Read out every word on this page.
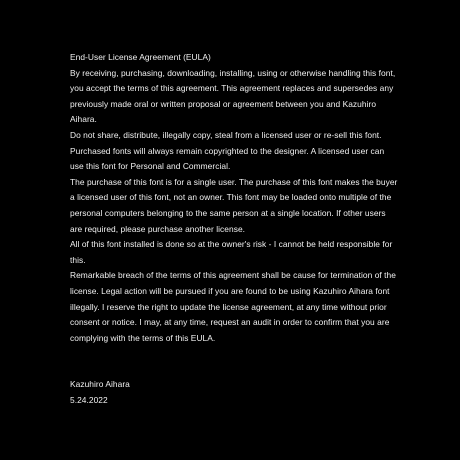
End-User License Agreement (EULA)

By receiving, purchasing, downloading, installing, using or otherwise handling this font, you accept the terms of this agreement. This agreement replaces and supersedes any previously made oral or written proposal or agreement between you and Kazuhiro Aihara.

Do not share, distribute, illegally copy, steal from a licensed user or re-sell this font.

Purchased fonts will always remain copyrighted to the designer. A licensed user can use this font for Personal and Commercial.

The purchase of this font is for a single user. The purchase of this font makes the buyer a licensed user of this font, not an owner. This font may be loaded onto multiple of the personal computers belonging to the same person at a single location. If other users are required, please purchase another license.

All of this font installed is done so at the owner's risk - I cannot be held responsible for this.

Remarkable breach of the terms of this agreement shall be cause for termination of the license. Legal action will be pursued if you are found to be using Kazuhiro Aihara font illegally. I reserve the right to update the license agreement, at any time without prior consent or notice. I may, at any time, request an audit in order to confirm that you are complying with the terms of this EULA.

Kazuhiro Aihara

5.24.2022
